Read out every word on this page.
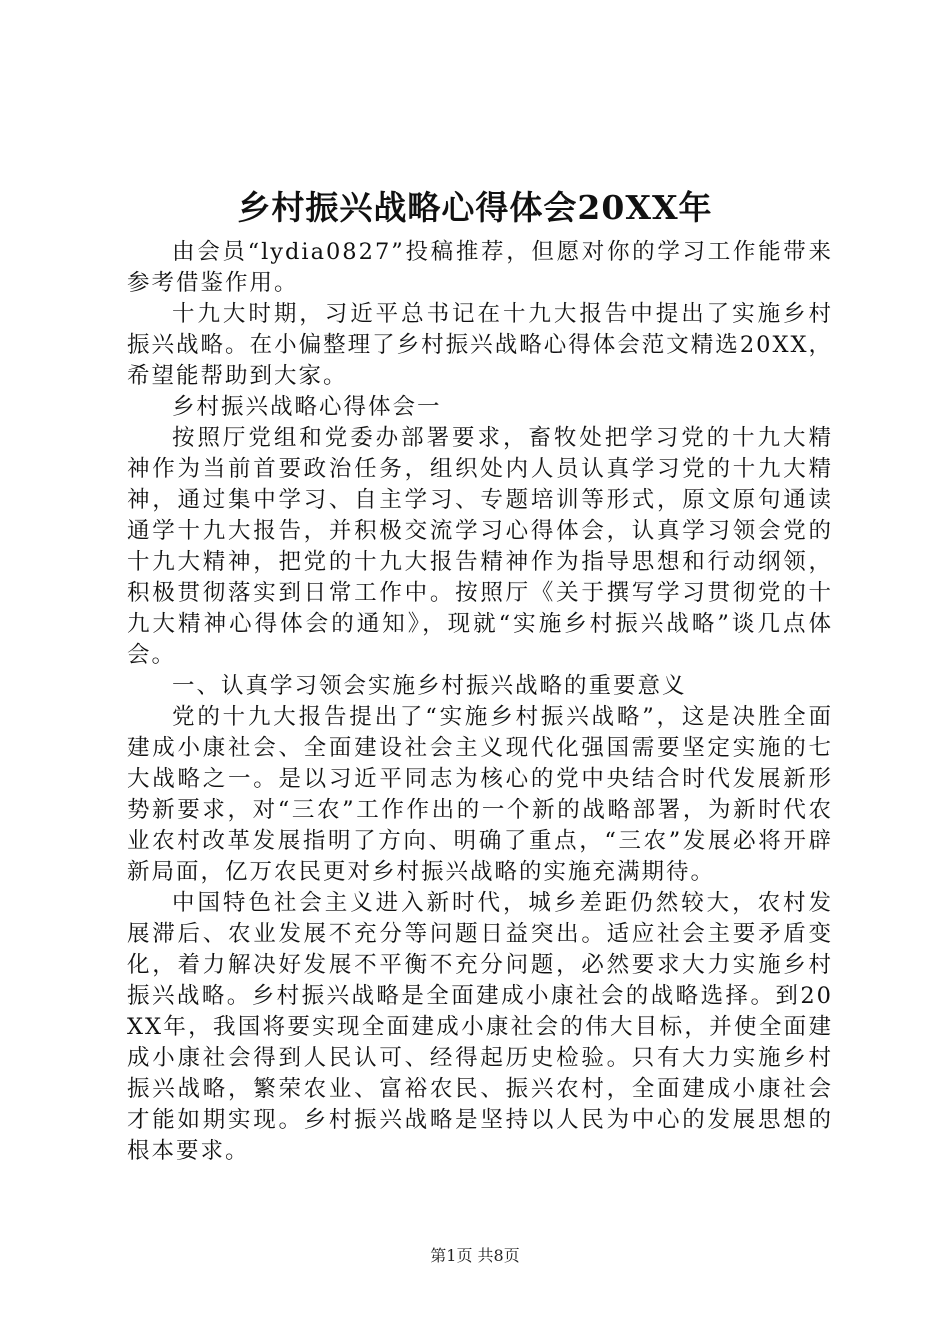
乡村振兴战略心得体会20XX年

由会员“lydia0827”投稿推荐，但愿对你的学习工作能带来参考借鉴作用。

十九大时期，习近平总书记在十九大报告中提出了实施乡村振兴战略。在小偏整理了乡村振兴战略心得体会范文精选20XX，希望能帮助到大家。

乡村振兴战略心得体会一

按照厅党组和党委办部署要求，畜牧处把学习党的十九大精神作为当前首要政治任务，组织处内人员认真学习党的十九大精神，通过集中学习、自主学习、专题培训等形式，原文原句通读通学十九大报告，并积极交流学习心得体会，认真学习领会党的十九大精神，把党的十九大报告精神作为指导思想和行动纲领，积极贯彻落实到日常工作中。按照厅《关于撰写学习贯彻党的十九大精神心得体会的通知》，现就“实施乡村振兴战略”谈几点体会。

一、认真学习领会实施乡村振兴战略的重要意义

党的十九大报告提出了“实施乡村振兴战略”，这是决胜全面建成小康社会、全面建设社会主义现代化强国需要坚定实施的七大战略之一。是以习近平同志为核心的党中央结合时代发展新形势新要求，对“三农”工作作出的一个新的战略部署，为新时代农业农村改革发展指明了方向、明确了重点，“三农”发展必将开辟新局面，亿万农民更对乡村振兴战略的实施充满期待。

中国特色社会主义进入新时代，城乡差距仍然较大，农村发展滞后、农业发展不充分等问题日益突出。适应社会主要矛盾变化，着力解决好发展不平衡不充分问题，必然要求大力实施乡村振兴战略。乡村振兴战略是全面建成小康社会的战略选择。到20XX年，我国将要实现全面建成小康社会的伟大目标，并使全面建成小康社会得到人民认可、经得起历史检验。只有大力实施乡村振兴战略，繁荣农业、富裕农民、振兴农村，全面建成小康社会才能如期实现。乡村振兴战略是坚持以人民为中心的发展思想的根本要求。

第1页 共8页
